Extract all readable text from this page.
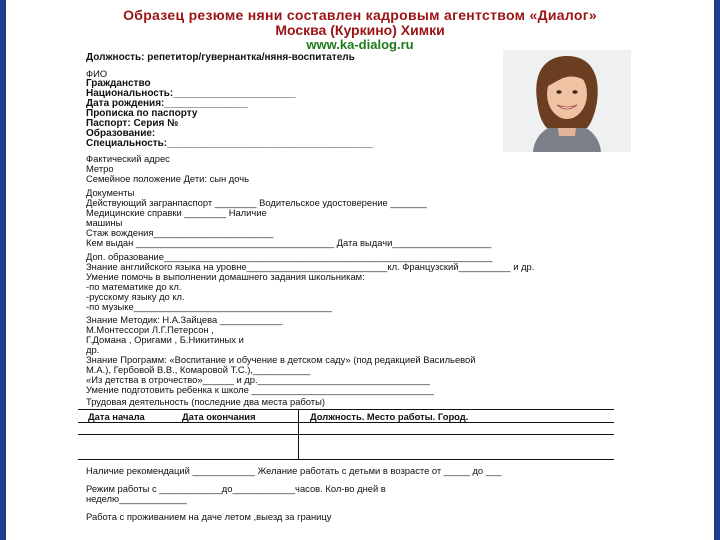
Образец резюме няни составлен кадровым агентством «Диалог»
Москва (Куркино) Химки
www.ka-dialog.ru
Должность: репетитор/гувернантка/няня-воспитатель
ФИО
Гражданство
Национальность:______________________
Дата рождения:_______________
Прописка по паспорту
Паспорт: Серия №
Образование:
Специальность:_____________________________________
Фактический адрес
Метро
Семейное положение Дети: сын дочь
Документы
Действующий загранпаспорт ________ Водительское удостоверение _______
Медицинские справки ________ Наличие
машины
Стаж вождения_______________________
Кем выдан ______________________________________ Дата выдачи___________________
Доп. образование_______________________________________________________________
Знание английского языка на уровне___________________________кл. Французский__________ и др.
Умение помочь в выполнении домашнего задания школьникам:
-по математике до кл.
-русскому языку до кл.
-по музыке______________________________________
Знание Методик: Н.А.Зайцева ____________
М.Монтессори Л.Г.Петерсон ,
Г.Домана , Оригами , Б.Никитиных и
др.
Знание Программ: «Воспитание и обучение в детском саду» (под редакцией Васильевой
М.А.), Гербовой В.В., Комаровой Т.С.),___________
«Из детства в отрочество»______ и др._________________________________
Умение подготовить ребенка к школе ___________________________________
Трудовая деятельность (последние два места работы)
Наличие рекомендаций ____________ Желание работать с детьми в возрасте от _____ до ___
Режим работы с ____________до____________часов. Кол-во дней в
неделю_____________
Работа с проживанием на даче летом ,выезд за границу
Дата начала	Дата окончания	Должность. Место работы. Город.
